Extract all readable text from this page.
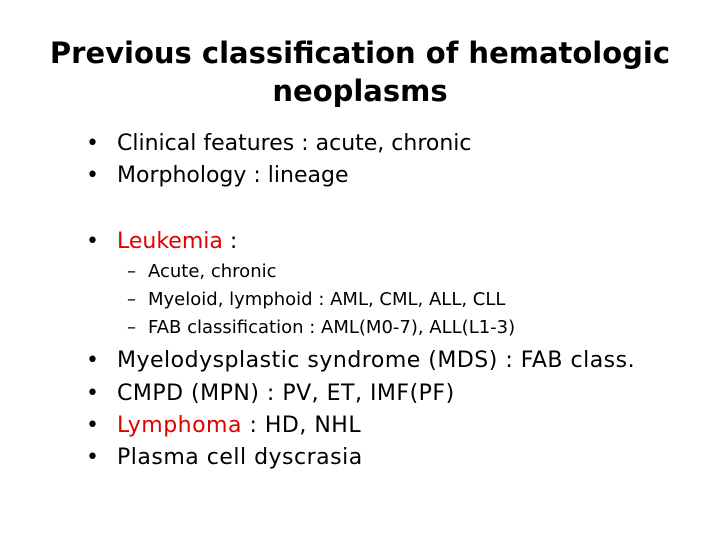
Previous classification of hematologic
neoplasms
• Clinical features : acute, chronic
• Morphology : lineage
• Leukemia :
– Acute, chronic
– Myeloid, lymphoid : AML, CML, ALL, CLL
– FAB classification : AML(M0-7), ALL(L1-3)
• Myelodysplastic syndrome (MDS) : FAB class.
• CMPD (MPN) : PV, ET, IMF(PF)
• Lymphoma : HD, NHL
• Plasma cell dyscrasia
